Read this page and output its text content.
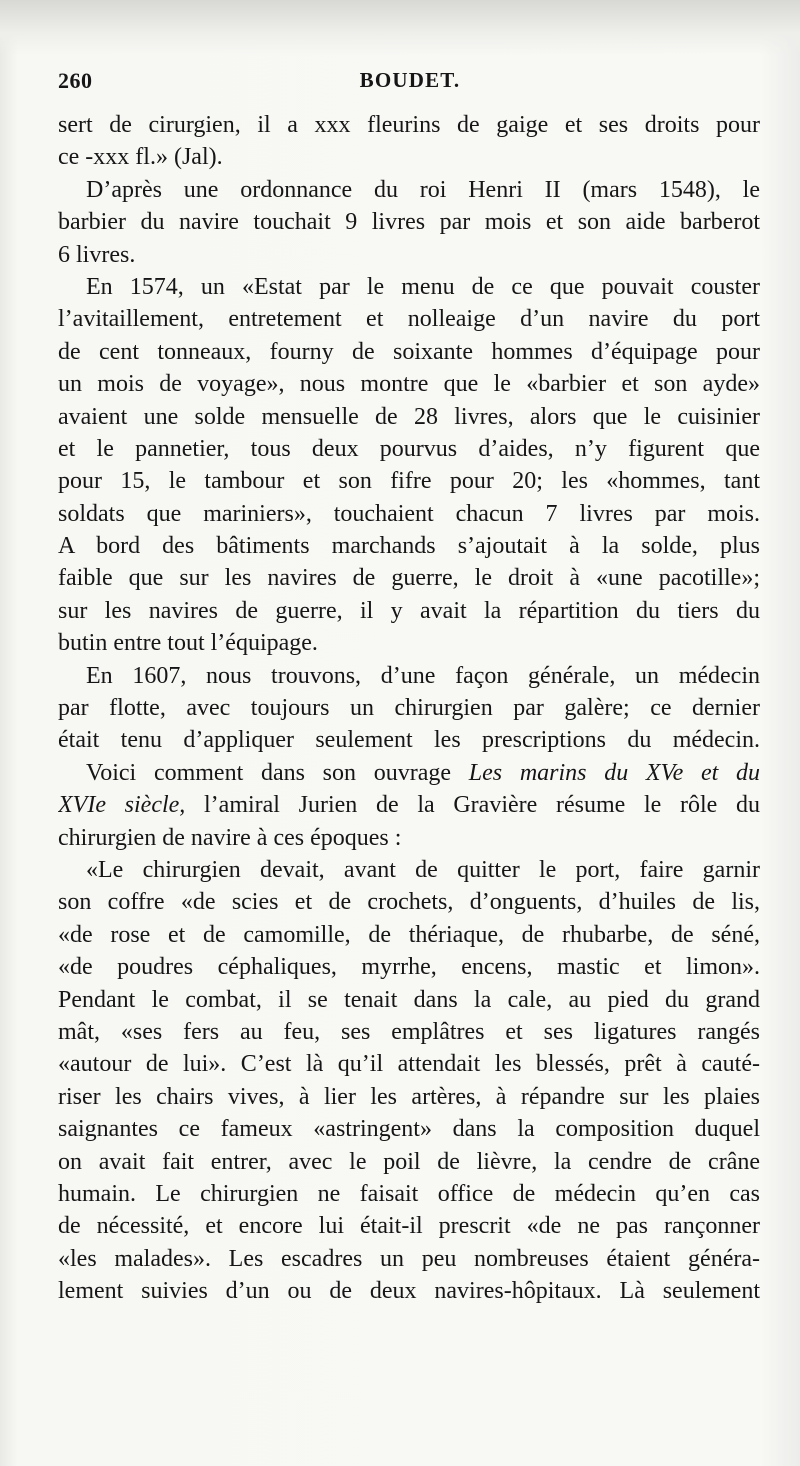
260	BOUDET.
sert de cirurgien, il a xxx fleurins de gaige et ses droits pour
ce -xxx fl.» (Jal).
D’après une ordonnance du roi Henri II (mars 1548), le
barbier du navire touchait 9 livres par mois et son aide barberot
6 livres.
En 1574, un «Estat par le menu de ce que pouvait couster
l’avitaillement, entretement et nolleaige d’un navire du port
de cent tonneaux, fourny de soixante hommes d’équipage pour
un mois de voyage», nous montre que le «barbier et son ayde»
avaient une solde mensuelle de 28 livres, alors que le cuisinier
et le pannetier, tous deux pourvus d’aides, n’y figurent que
pour 15, le tambour et son fifre pour 20; les «hommes, tant
soldats que mariniers», touchaient chacun 7 livres par mois.
A bord des bâtiments marchands s’ajoutait à la solde, plus
faible que sur les navires de guerre, le droit à «une pacotille»;
sur les navires de guerre, il y avait la répartition du tiers du
butin entre tout l’équipage.
En 1607, nous trouvons, d’une façon générale, un médecin
par flotte, avec toujours un chirurgien par galère; ce dernier
était tenu d’appliquer seulement les prescriptions du médecin.
Voici comment dans son ouvrage Les marins du XVe et du
XVIe siècle, l’amiral Jurien de la Gravière résume le rôle du
chirurgien de navire à ces époques :
«Le chirurgien devait, avant de quitter le port, faire garnir
son coffre «de scies et de crochets, d’onguents, d’huiles de lis,
«de rose et de camomille, de thériaque, de rhubarbe, de séné,
«de poudres céphaliques, myrrhe, encens, mastic et limon».
Pendant le combat, il se tenait dans la cale, au pied du grand
mât, «ses fers au feu, ses emplâtres et ses ligatures rangés
«autour de lui». C’est là qu’il attendait les blessés, prêt à cauté-
riser les chairs vives, à lier les artères, à répandre sur les plaies
saignantes ce fameux «astringent» dans la composition duquel
on avait fait entrer, avec le poil de lièvre, la cendre de crâne
humain. Le chirurgien ne faisait office de médecin qu’en cas
de nécessité, et encore lui était-il prescrit «de ne pas rançonner
«les malades». Les escadres un peu nombreuses étaient généra-
lement suivies d’un ou de deux navires-hôpitaux. Là seulement
